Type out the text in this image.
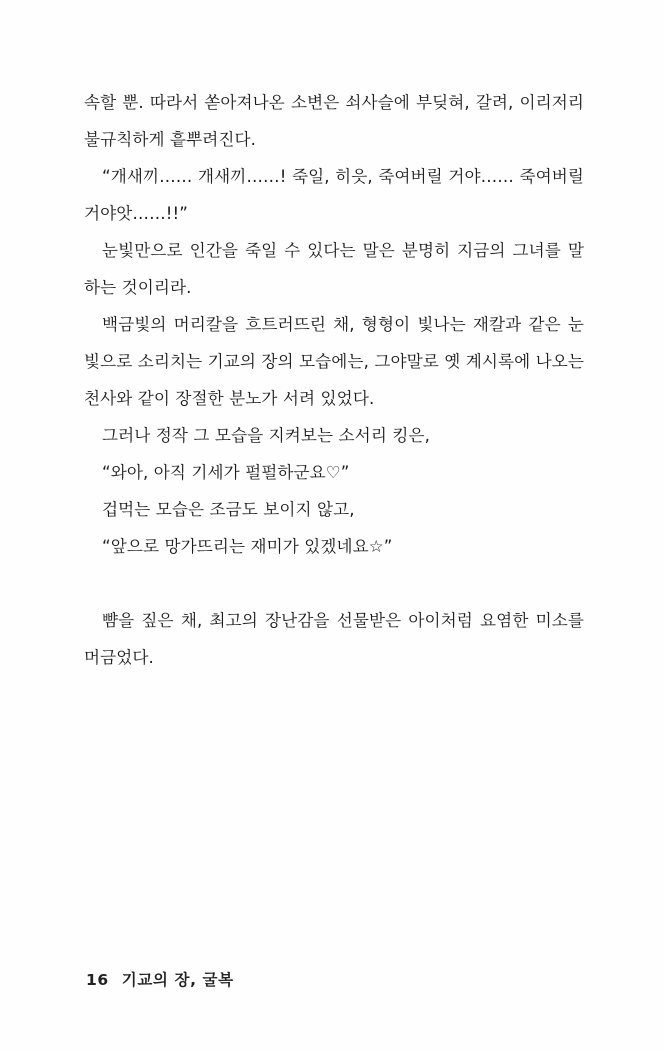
속할 뿐. 따라서 쏟아져나온 소변은 쇠사슬에 부딪혀, 갈려, 이리저리 불규칙하게 흩뿌려진다.

“개새끼…… 개새끼……! 죽일, 히읏, 죽여버릴 거야…… 죽여버릴 거야앗……!!”

눈빛만으로 인간을 죽일 수 있다는 말은 분명히 지금의 그녀를 말하는 것이리라.

백금빛의 머리칼을 흐트러뜨린 채, 형형이 빛나는 재칼과 같은 눈빛으로 소리치는 기교의 장의 모습에는, 그야말로 옛 계시록에 나오는 천사와 같이 장절한 분노가 서려 있었다.

그러나 정작 그 모습을 지켜보는 소서리 킹은,

“와아, 아직 기세가 펄펄하군요♡”

겁먹는 모습은 조금도 보이지 않고,

“앞으로 망가뜨리는 재미가 있겠네요☆”

뺨을 짚은 채, 최고의 장난감을 선물받은 아이처럼 요염한 미소를 머금었다.

16 기교의 장, 굴복
